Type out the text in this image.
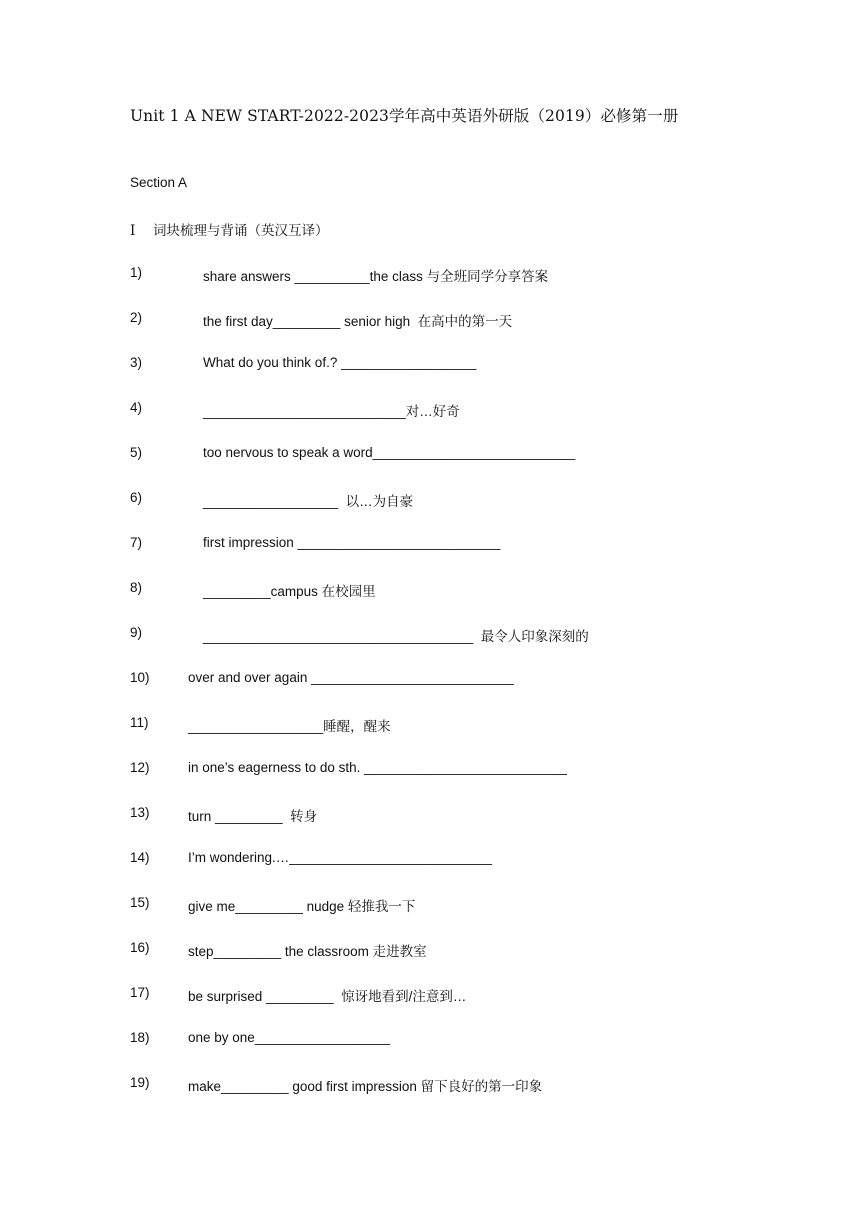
Unit 1 A NEW START-2022-2023学年高中英语外研版（2019）必修第一册
Section A
Ⅰ 词块梳理与背诵（英汉互译）
1)	share answers __________the class 与全班同学分享答案
2)	the first day_________ senior high  在高中的第一天
3)	What do you think of.? __________________
4)	___________________________对…好奇
5)	too nervous to speak a word___________________________
6)	__________________  以…为自豪
7)	first impression ___________________________
8)	_________campus 在校园里
9)	____________________________________  最令人印象深刻的
10)	over and over again ___________________________
11)	__________________睡醒，醒来
12)	in one’s eagerness to do sth. ___________________________
13)	turn _________  转身
14)	I’m wondering.…___________________________
15)	give me_________ nudge 轻推我一下
16)	step_________ the classroom 走进教室
17)	be surprised _________  惊讶地看到/注意到…
18)	one by one__________________
19)	make_________ good first impression 留下良好的第一印象
